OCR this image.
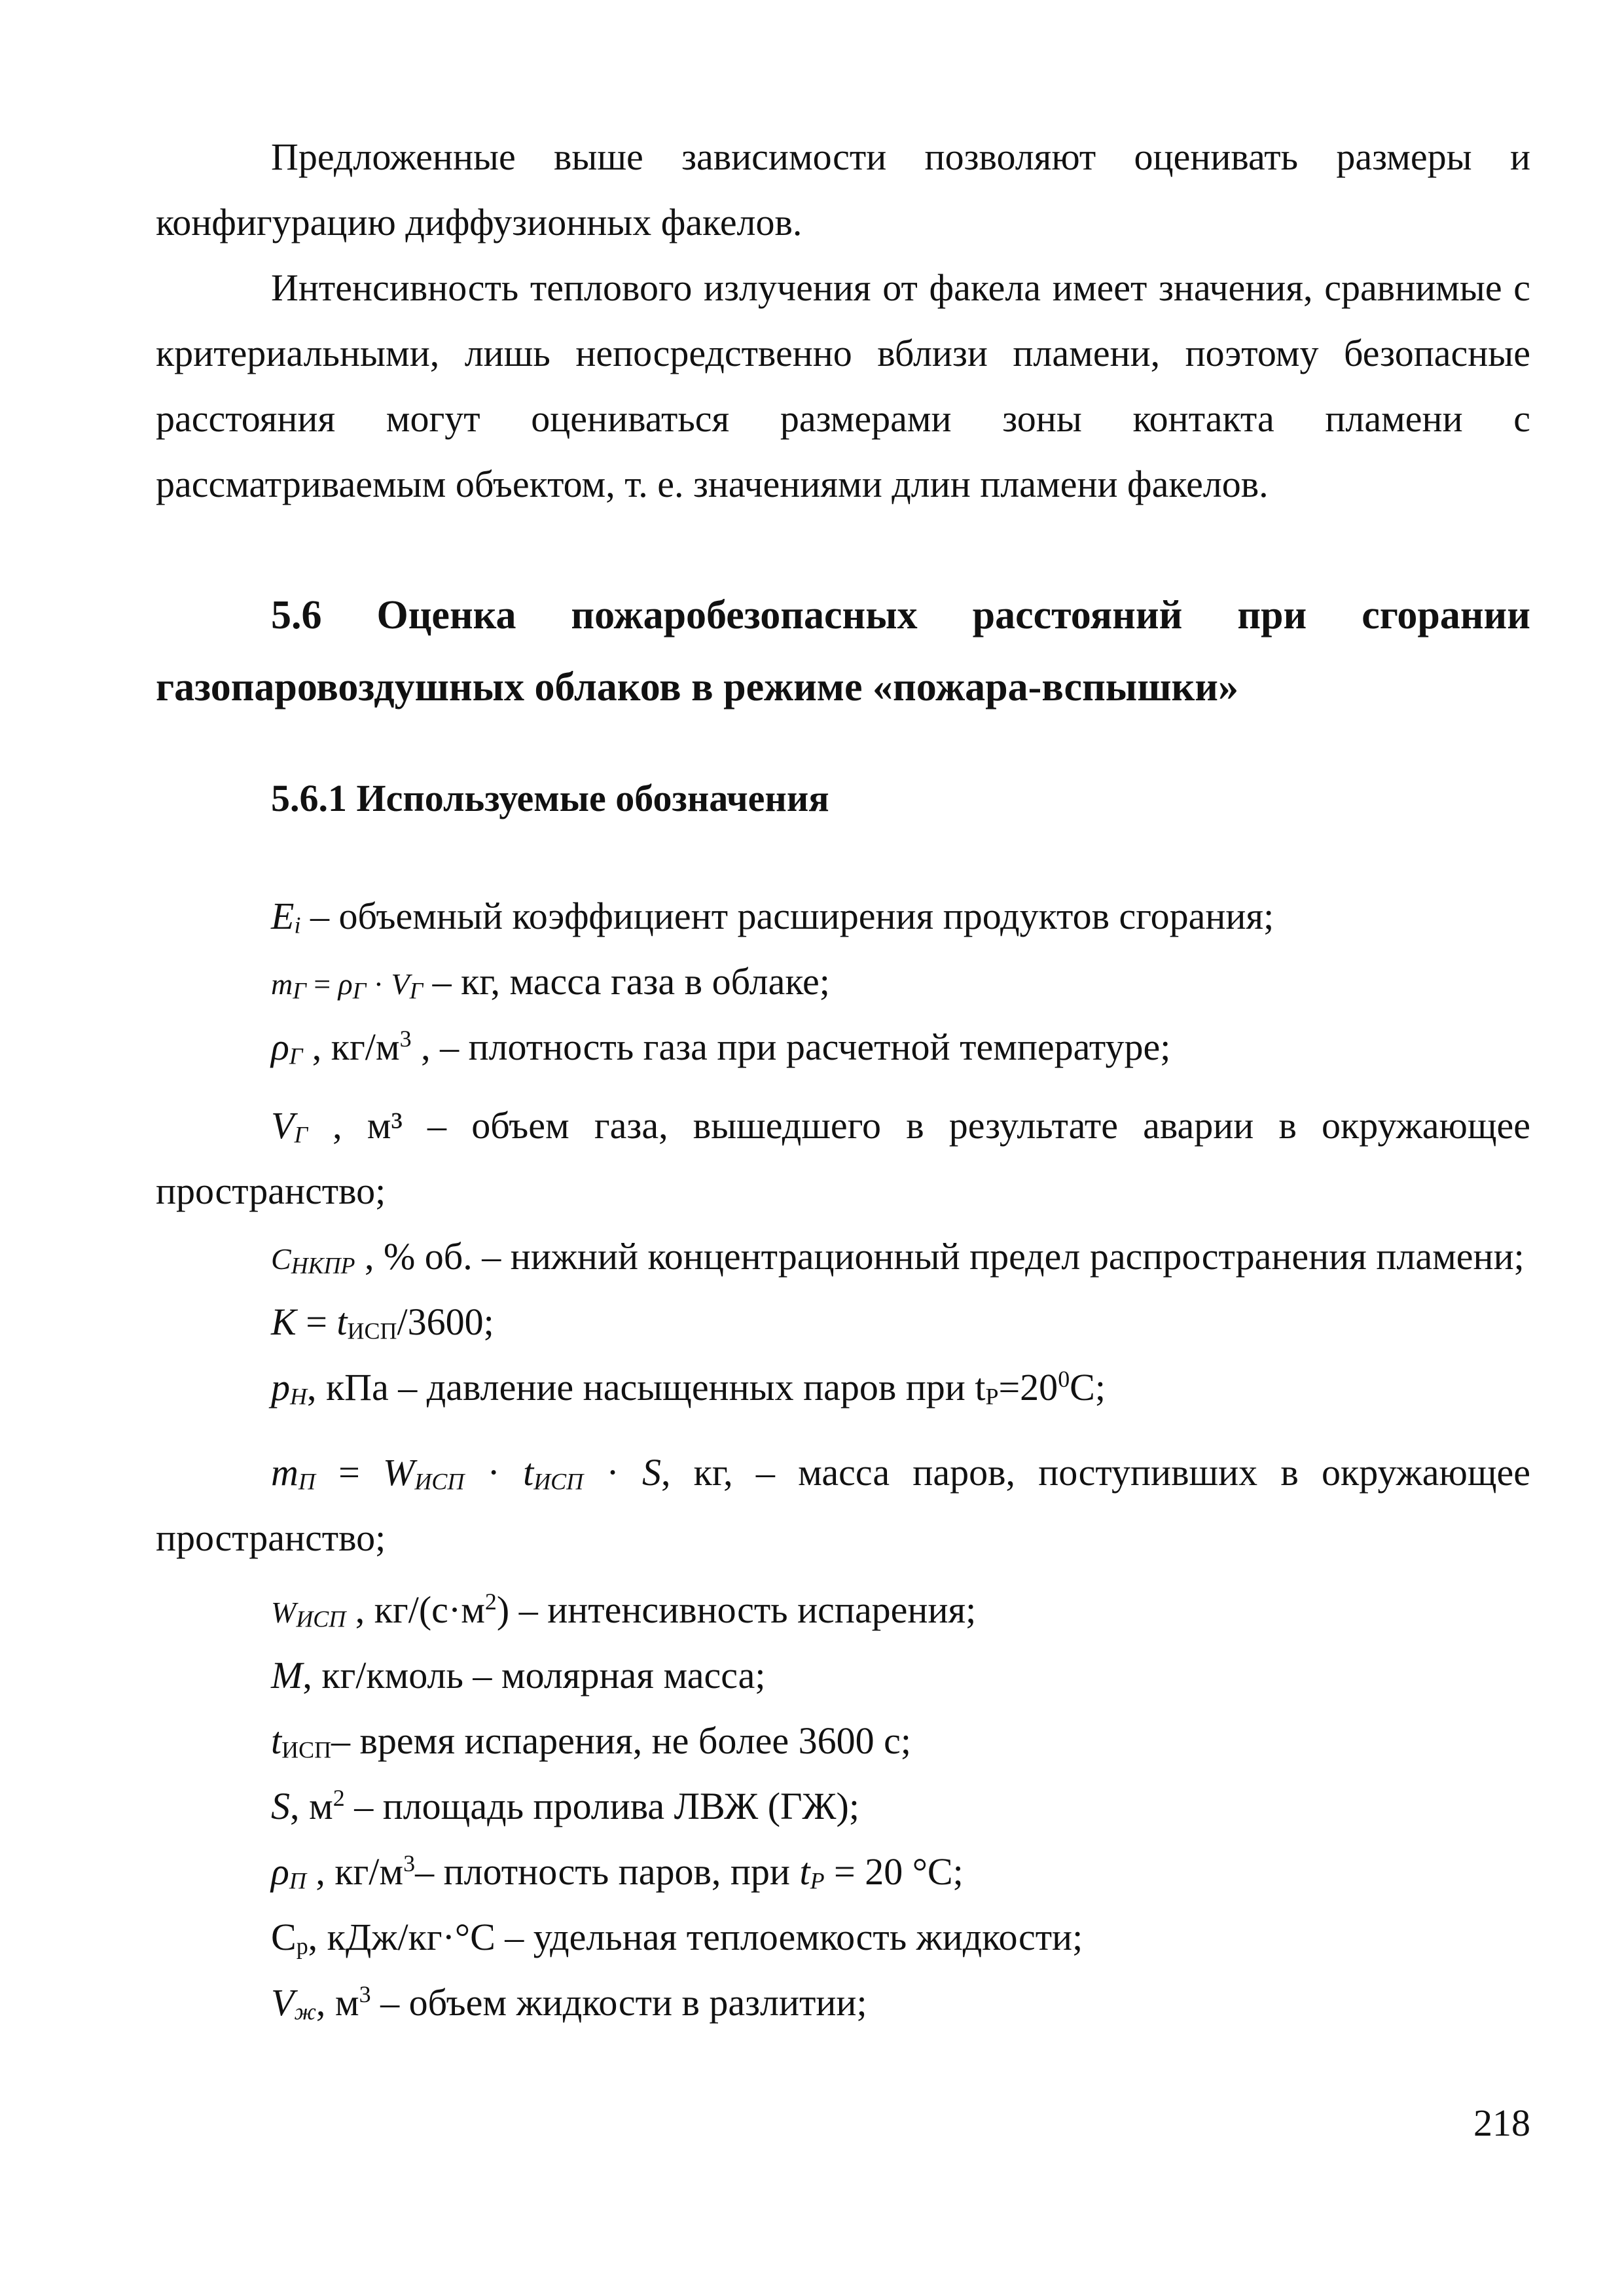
Предложенные выше зависимости позволяют оценивать размеры и
конфигурацию диффузионных факелов.
Интенсивность теплового излучения от факела имеет значения, сравнимые с
критериальными, лишь непосредственно вблизи пламени, поэтому безопасные
расстояния могут оцениваться размерами зоны контакта пламени с
рассматриваемым объектом, т. е. значениями длин пламени факелов.
5.6 Оценка пожаробезопасных расстояний при сгорании
газопаровоздушных облаков в режиме «пожара-вспышки»
5.6.1 Используемые обозначения
$E_i$ – объемный коэффициент расширения продуктов сгорания;
$m_Г = \rho_Г \cdot V_Г$ – кг, масса газа в облаке;
$\rho_Г$ , $кг/м^3$ , – плотность газа при расчетной температуре;
$V_Г$ , м³ – объем газа, вышедшего в результате аварии в окружающее
пространство;
$C_{НКПР}$ , % об. – нижний концентрационный предел распространения пламени;
$K = t_{ИСП}/3600$;
$p_H$, кПа – давление насыщенных паров при $t_P=20^0С$;
$m_П = W_{ИСП} \cdot t_{ИСП} \cdot S$, кг, – масса паров, поступивших в окружающее
пространство;
$W_{ИСП}$ , $кг/(с\cdot м^2)$ – интенсивность испарения;
M, кг/кмоль – молярная масса;
$t_{ИСП}-$ время испарения, не более 3600 с;
S, $м^2$ – площадь пролива ЛВЖ (ГЖ);
$\rho_П$ , $кг/м^3-$ плотность паров, при $t_P = 20$ °С;
$С_р$, кДж/кг·°С – удельная теплоемкость жидкости;
$V_ж$, $м^3$ – объем жидкости в разлитии;
218
